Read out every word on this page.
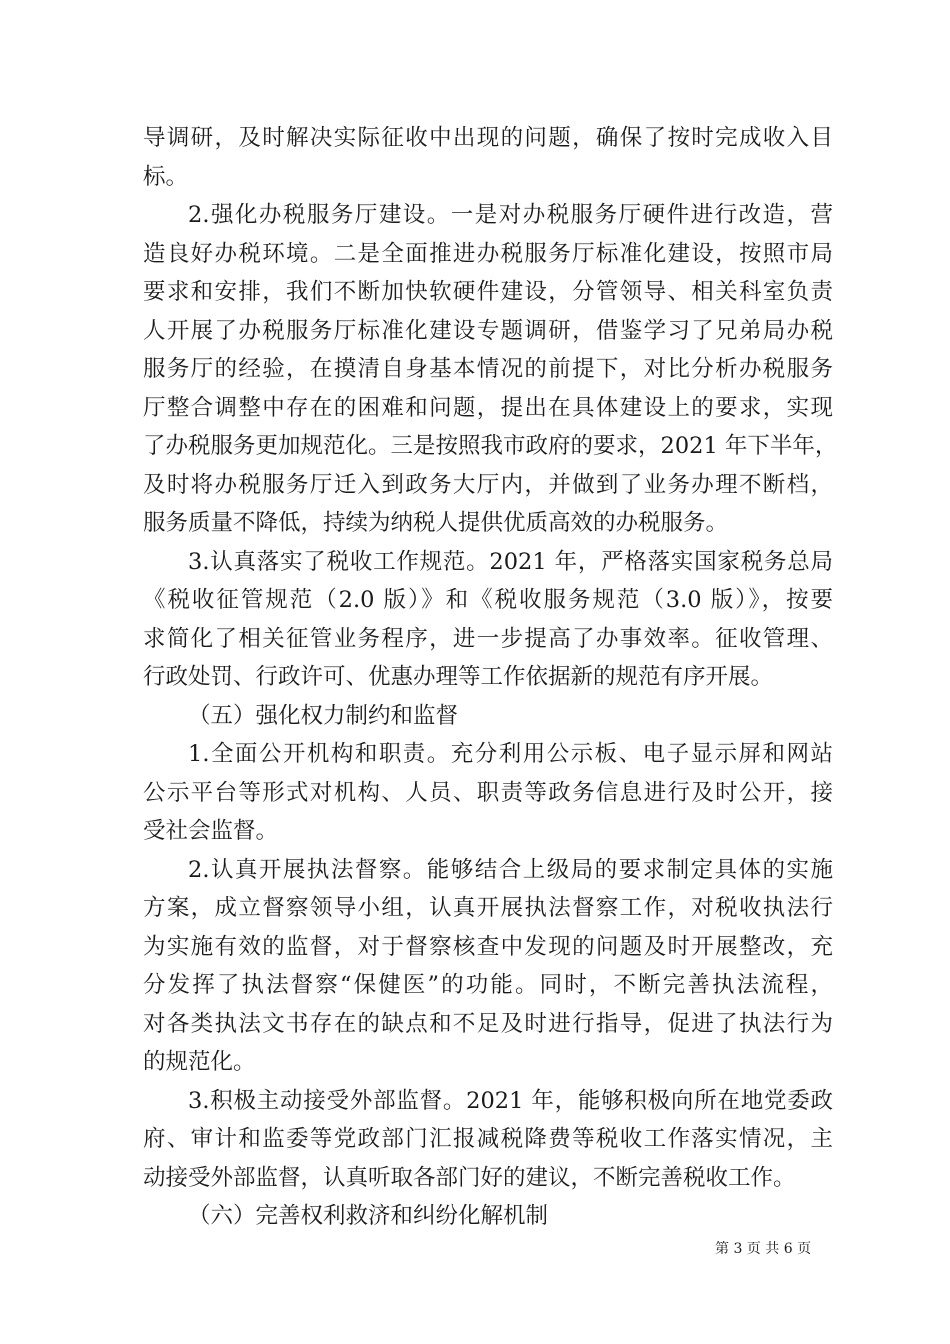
导调研，及时解决实际征收中出现的问题，确保了按时完成收入目
标。
2.强化办税服务厅建设。一是对办税服务厅硬件进行改造，营
造良好办税环境。二是全面推进办税服务厅标准化建设，按照市局
要求和安排，我们不断加快软硬件建设，分管领导、相关科室负责
人开展了办税服务厅标准化建设专题调研，借鉴学习了兄弟局办税
服务厅的经验，在摸清自身基本情况的前提下，对比分析办税服务
厅整合调整中存在的困难和问题，提出在具体建设上的要求，实现
了办税服务更加规范化。三是按照我市政府的要求，2021 年下半年，
及时将办税服务厅迁入到政务大厅内，并做到了业务办理不断档，
服务质量不降低，持续为纳税人提供优质高效的办税服务。
3.认真落实了税收工作规范。2021 年，严格落实国家税务总局
《税收征管规范（2.0 版）》和《税收服务规范（3.0 版）》，按要
求简化了相关征管业务程序，进一步提高了办事效率。征收管理、
行政处罚、行政许可、优惠办理等工作依据新的规范有序开展。
（五）强化权力制约和监督
1.全面公开机构和职责。充分利用公示板、电子显示屏和网站
公示平台等形式对机构、人员、职责等政务信息进行及时公开，接
受社会监督。
2.认真开展执法督察。能够结合上级局的要求制定具体的实施
方案，成立督察领导小组，认真开展执法督察工作，对税收执法行
为实施有效的监督，对于督察核查中发现的问题及时开展整改，充
分发挥了执法督察“保健医”的功能。同时，不断完善执法流程，
对各类执法文书存在的缺点和不足及时进行指导，促进了执法行为
的规范化。
3.积极主动接受外部监督。2021 年，能够积极向所在地党委政
府、审计和监委等党政部门汇报减税降费等税收工作落实情况，主
动接受外部监督，认真听取各部门好的建议，不断完善税收工作。
（六）完善权利救济和纠纷化解机制
第 3 页 共 6 页
